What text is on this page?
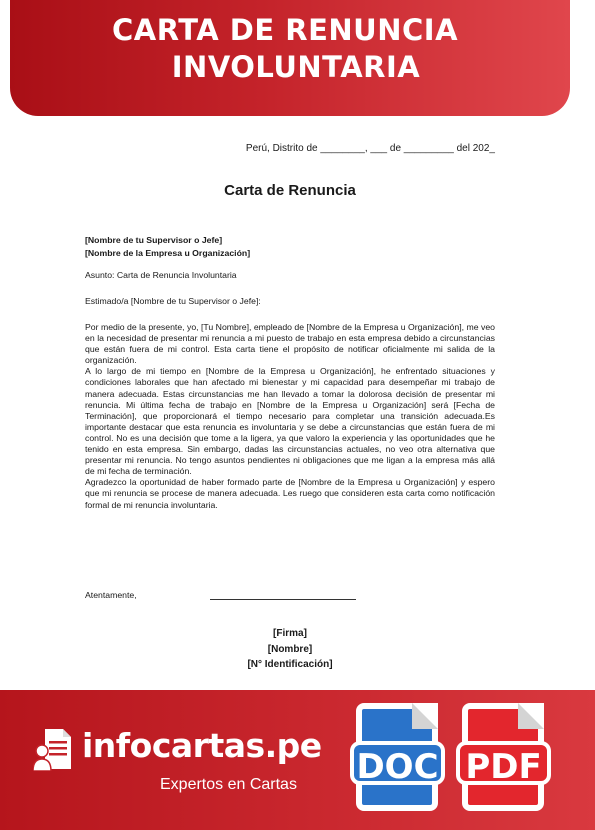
CARTA DE RENUNCIA
INVOLUNTARIA
Perú, Distrito de ________, ___ de _________ del 202_
Carta de Renuncia
[Nombre de tu Supervisor o Jefe]
[Nombre de la Empresa u Organización]
Asunto: Carta de Renuncia Involuntaria
Estimado/a [Nombre de tu Supervisor o Jefe]:

Por medio de la presente, yo, [Tu Nombre], empleado de [Nombre de la Empresa u Organización], me veo en la necesidad de presentar mi renuncia a mi puesto de trabajo en esta empresa debido a circunstancias que están fuera de mi control. Esta carta tiene el propósito de notificar oficialmente mi salida de la organización.

A lo largo de mi tiempo en [Nombre de la Empresa u Organización], he enfrentado situaciones y condiciones laborales que han afectado mi bienestar y mi capacidad para desempeñar mi trabajo de manera adecuada. Estas circunstancias me han llevado a tomar la dolorosa decisión de presentar mi renuncia. Mi última fecha de trabajo en [Nombre de la Empresa u Organización] será [Fecha de Terminación], que proporcionará el tiempo necesario para completar una transición adecuada.Es importante destacar que esta renuncia es involuntaria y se debe a circunstancias que están fuera de mi control. No es una decisión que tome a la ligera, ya que valoro la experiencia y las oportunidades que he tenido en esta empresa. Sin embargo, dadas las circunstancias actuales, no veo otra alternativa que presentar mi renuncia. No tengo asuntos pendientes ni obligaciones que me ligan a la empresa más allá de mi fecha de terminación.

Agradezco la oportunidad de haber formado parte de [Nombre de la Empresa u Organización] y espero que mi renuncia se procese de manera adecuada. Les ruego que consideren esta carta como notificación formal de mi renuncia involuntaria.

Atentamente,
[Firma]
[Nombre]
[N° Identificación]
infocartas.pe
Expertos en Cartas DOC PDF
